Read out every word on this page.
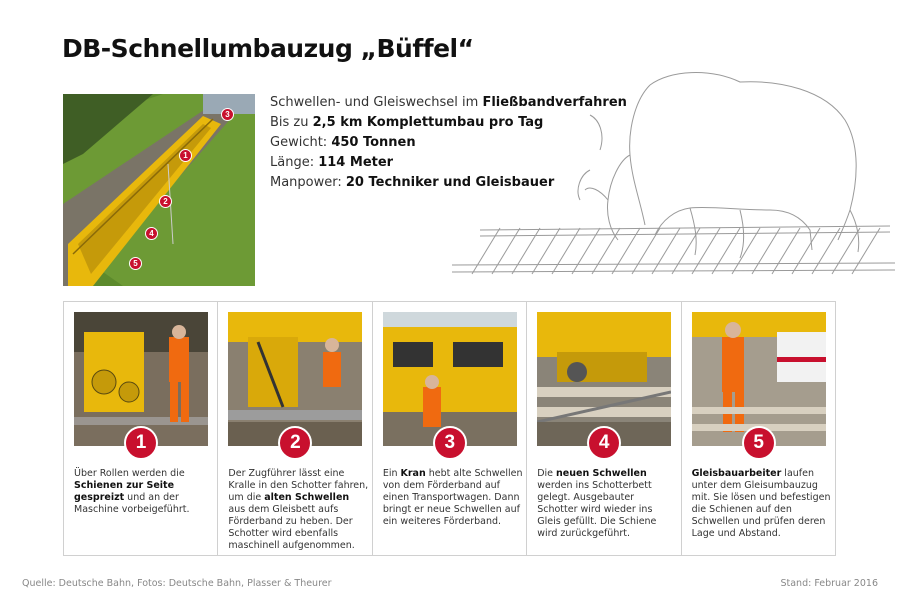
DB-Schnellumbauzug „Büffel“
3
1
2
4
5
Schwellen- und Gleiswechsel im Fließbandverfahren
Bis zu 2,5 km Komplettumbau pro Tag
Gewicht: 450 Tonnen
Länge: 114 Meter
Manpower: 20 Techniker und Gleisbauer
1
Über Rollen werden die Schienen zur Seite gespreizt und an der Maschine vorbeigeführt.
2
Der Zugführer lässt eine Kralle in den Schotter fahren, um die alten Schwellen aus dem Gleisbett aufs Förderband zu heben. Der Schotter wird ebenfalls maschinell aufgenommen.
3
Ein Kran hebt alte Schwellen von dem Förderband auf einen Transportwagen. Dann bringt er neue Schwellen auf ein weiteres Förderband.
4
Die neuen Schwellen werden ins Schotterbett gelegt. Ausgebauter Schotter wird wieder ins Gleis gefüllt. Die Schiene wird zurückgeführt.
5
Gleisbauarbeiter laufen unter dem Gleisumbauzug mit. Sie lösen und befestigen die Schienen auf den Schwellen und prüfen deren Lage und Abstand.
Quelle: Deutsche Bahn, Fotos: Deutsche Bahn, Plasser & Theurer	Stand: Februar 2016
